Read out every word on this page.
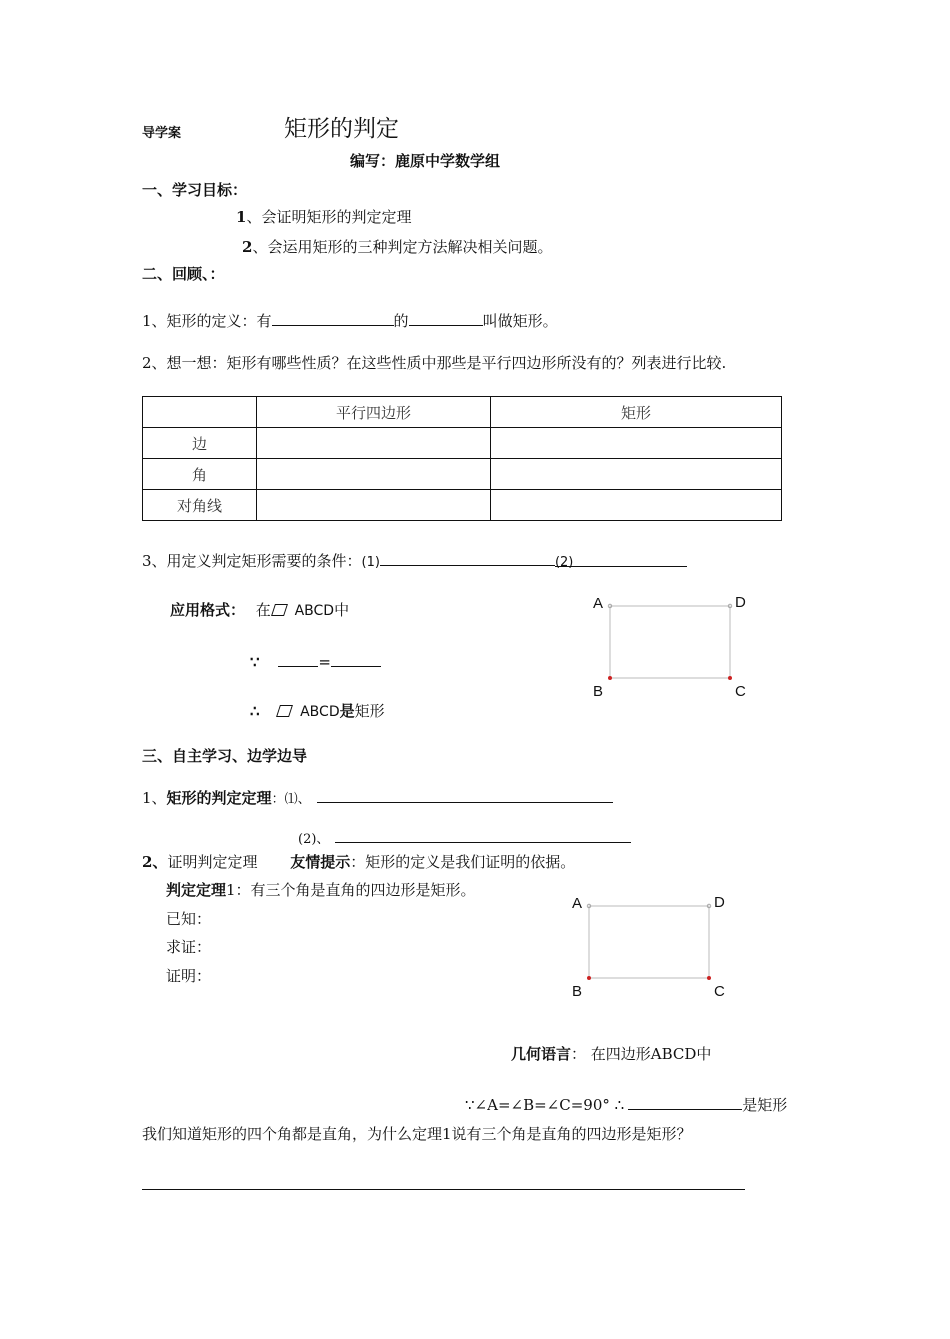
导学案	矩形的判定
编写：鹿原中学数学组
一、学习目标：
1、会证明矩形的判定定理
2、会运用矩形的三种判定方法解决相关问题。
二、回顾、：
1、矩形的定义：有	的	叫做矩形。
2、想一想：矩形有哪些性质？在这些性质中那些是平行四边形所没有的？列表进行比较.
	平行四边形	矩形
边		
角		
对角线		
3、用定义判定矩形需要的条件：(1)	(2)
应用格式： 在 ABCD中
∵	=
∴	ABCD是矩形
A	D
B	C
三、自主学习、边学边导
1、矩形的判定定理：⑴、
(2)、
2、证明判定定理 友情提示：矩形的定义是我们证明的依据。
判定定理1：有三个角是直角的四边形是矩形。
已知：
求证：
证明：
A	D
B	C
几何语言： 在四边形ABCD中
∵∠A=∠B=∠C=90° ∴	是矩形
我们知道矩形的四个角都是直角，为什么定理1说有三个角是直角的四边形是矩形？
